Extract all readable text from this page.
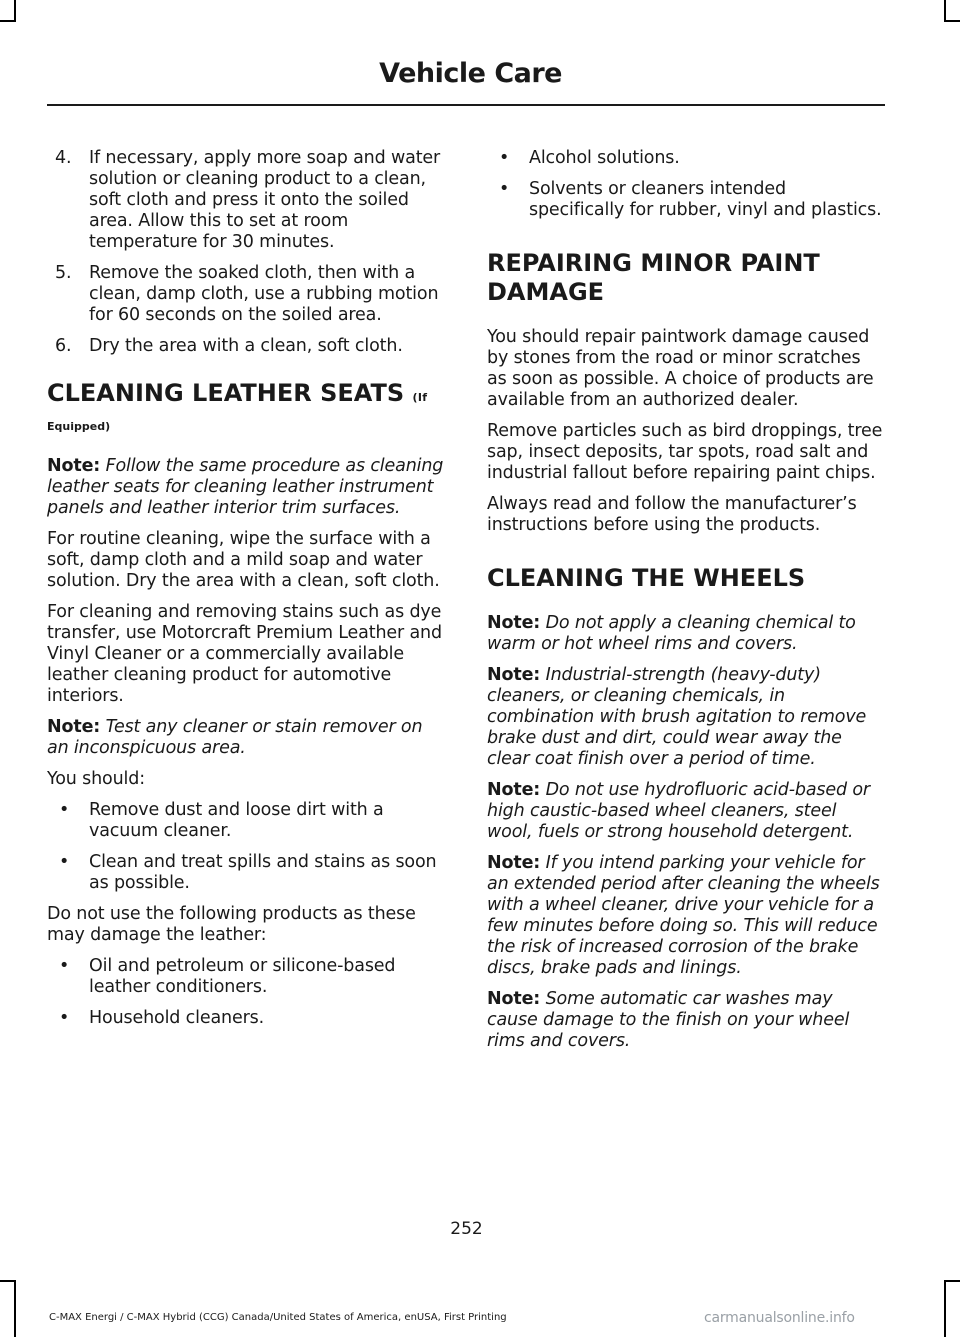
Vehicle Care
4. If necessary, apply more soap and water solution or cleaning product to a clean, soft cloth and press it onto the soiled area. Allow this to set at room temperature for 30 minutes.
5. Remove the soaked cloth, then with a clean, damp cloth, use a rubbing motion for 60 seconds on the soiled area.
6. Dry the area with a clean, soft cloth.
CLEANING LEATHER SEATS (If
Equipped)

Note: Follow the same procedure as cleaning leather seats for cleaning leather instrument panels and leather interior trim surfaces.

For routine cleaning, wipe the surface with a soft, damp cloth and a mild soap and water solution. Dry the area with a clean, soft cloth.

For cleaning and removing stains such as dye transfer, use Motorcraft Premium Leather and Vinyl Cleaner or a commercially available leather cleaning product for automotive interiors.

Note: Test any cleaner or stain remover on an inconspicuous area.

You should:

• Remove dust and loose dirt with a vacuum cleaner.
• Clean and treat spills and stains as soon as possible.

Do not use the following products as these may damage the leather:

• Oil and petroleum or silicone-based leather conditioners.
• Household cleaners.
• Alcohol solutions.
• Solvents or cleaners intended specifically for rubber, vinyl and plastics.
REPAIRING MINOR PAINT
DAMAGE

You should repair paintwork damage caused by stones from the road or minor scratches as soon as possible. A choice of products are available from an authorized dealer.

Remove particles such as bird droppings, tree sap, insect deposits, tar spots, road salt and industrial fallout before repairing paint chips.

Always read and follow the manufacturer’s instructions before using the products.

CLEANING THE WHEELS

Note: Do not apply a cleaning chemical to warm or hot wheel rims and covers.

Note: Industrial-strength (heavy-duty) cleaners, or cleaning chemicals, in combination with brush agitation to remove brake dust and dirt, could wear away the clear coat finish over a period of time.

Note: Do not use hydrofluoric acid-based or high caustic-based wheel cleaners, steel wool, fuels or strong household detergent.

Note: If you intend parking your vehicle for an extended period after cleaning the wheels with a wheel cleaner, drive your vehicle for a few minutes before doing so. This will reduce the risk of increased corrosion of the brake discs, brake pads and linings.

Note: Some automatic car washes may cause damage to the finish on your wheel rims and covers.

252
C-MAX Energi / C-MAX Hybrid (CCG) Canada/United States of America, enUSA, First Printing	carmanualsonline.info
